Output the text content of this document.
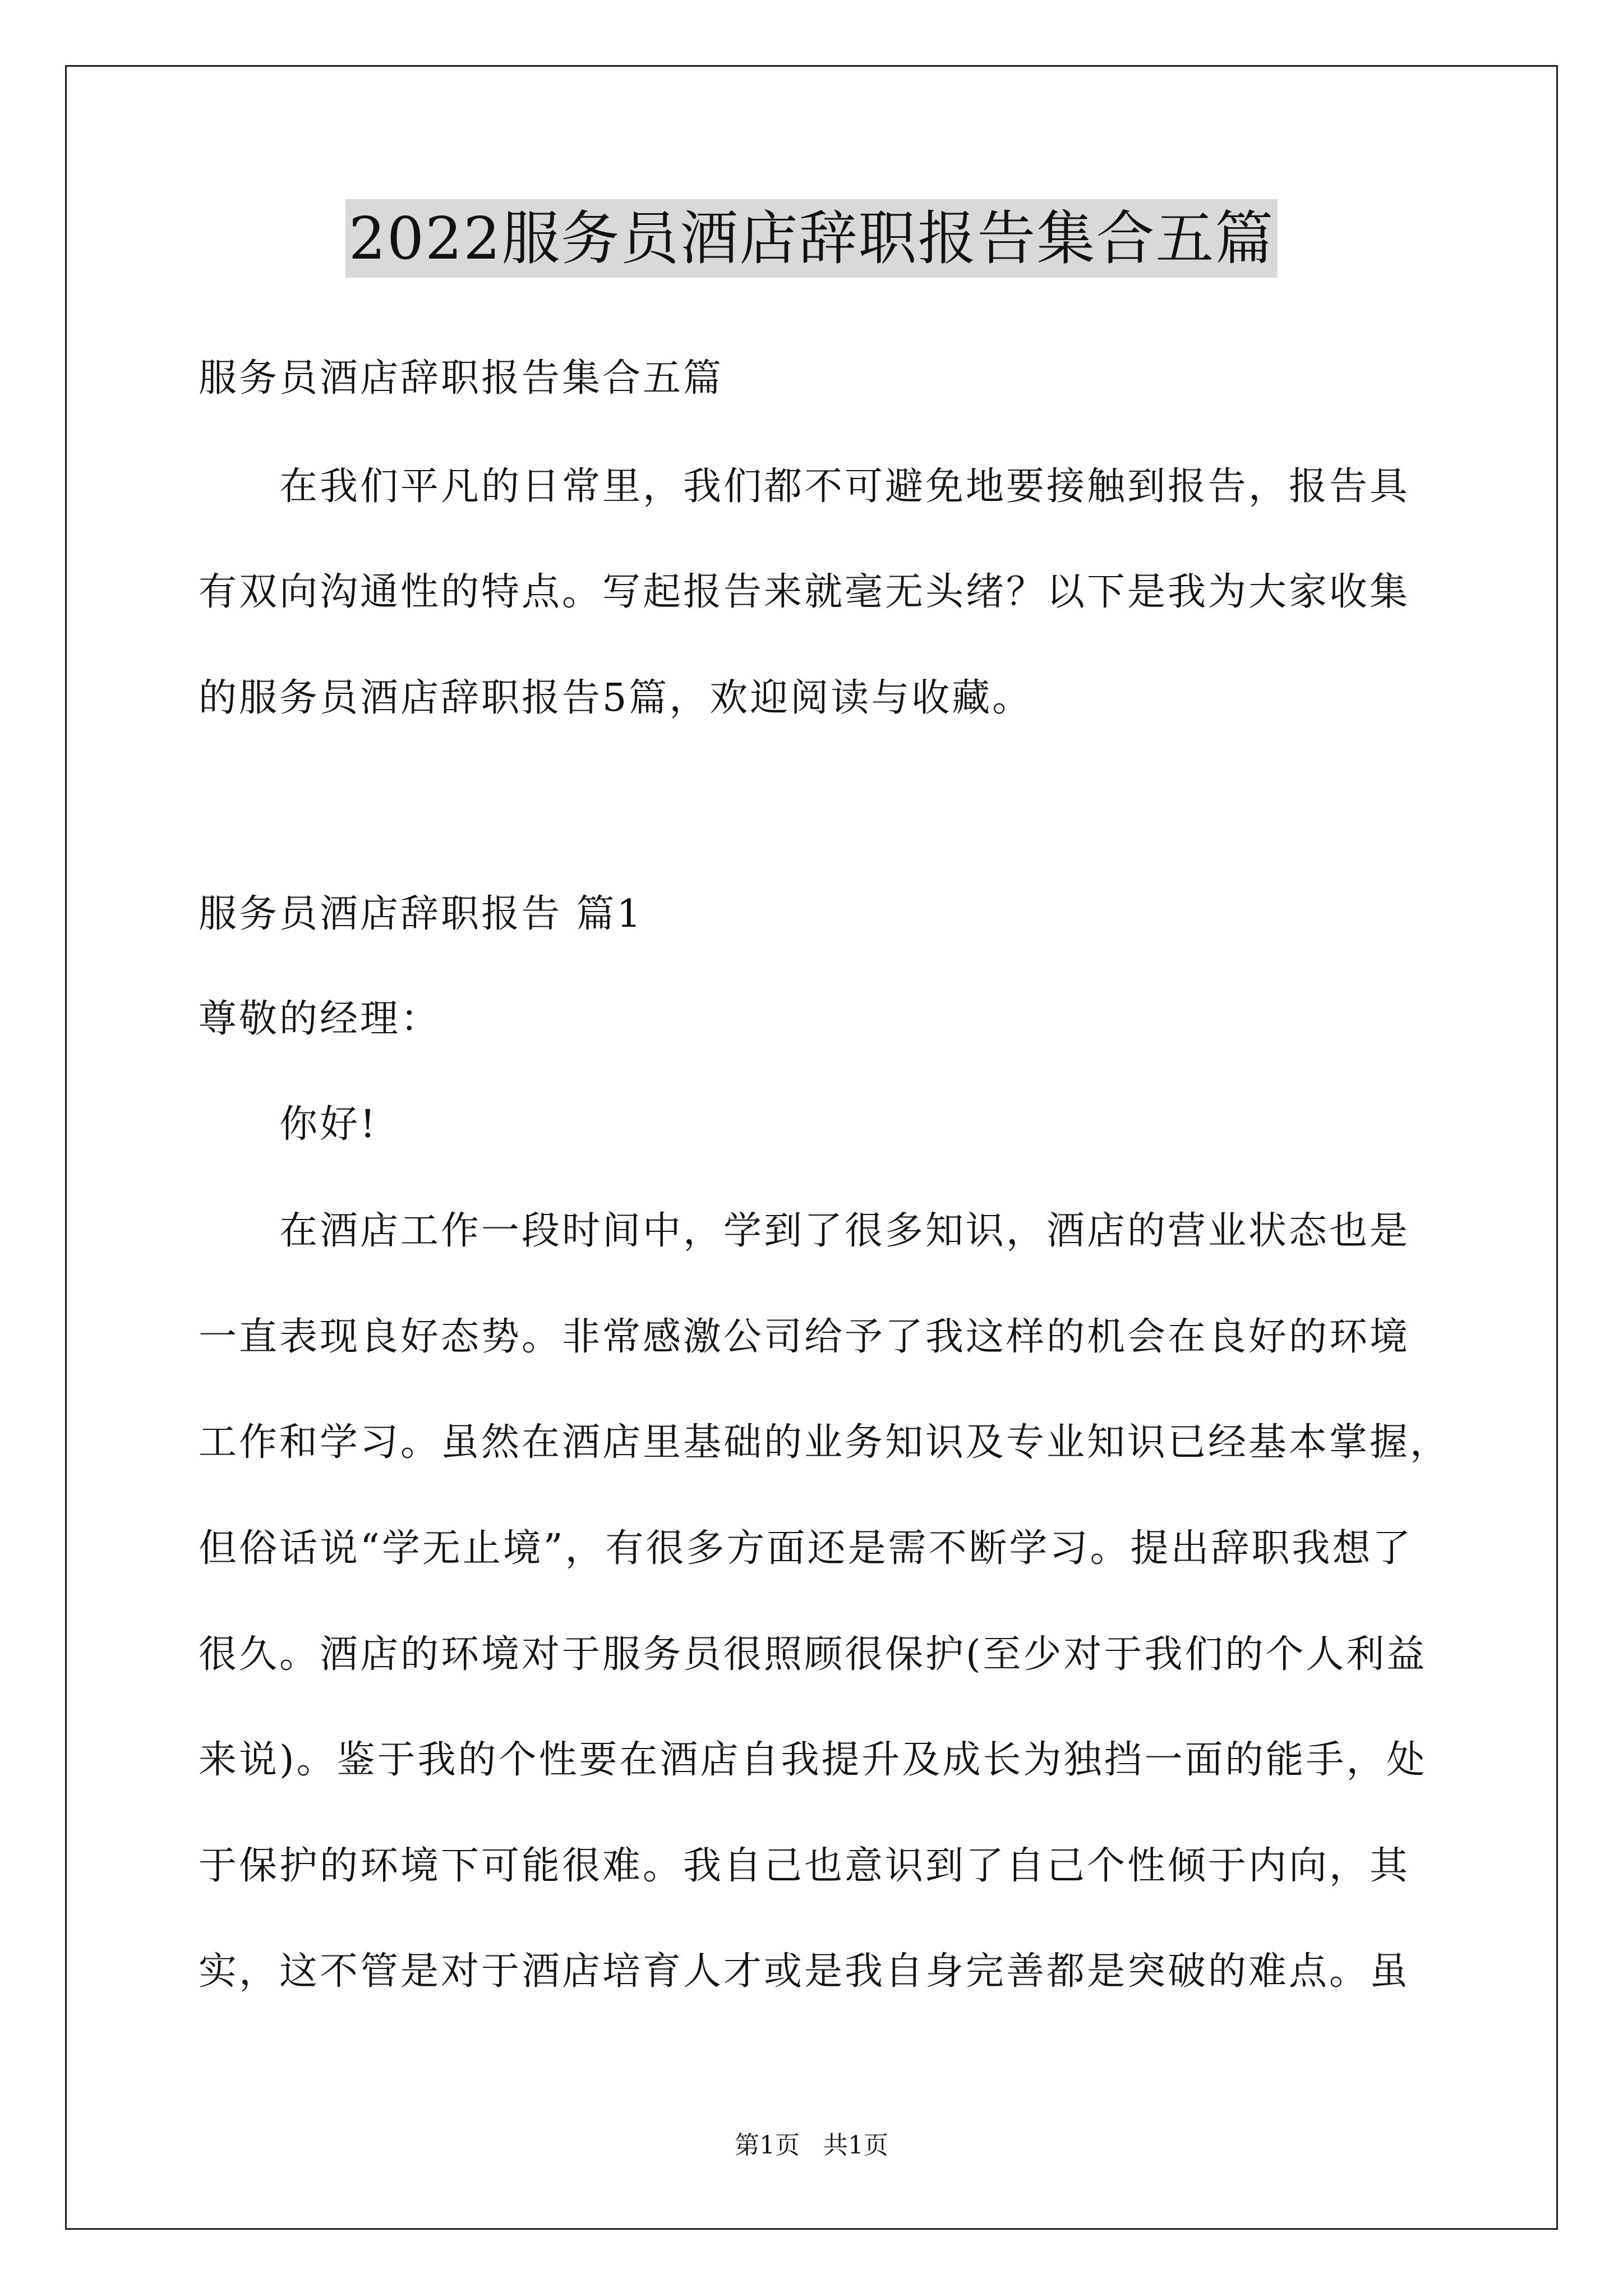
2022服务员酒店辞职报告集合五篇
服务员酒店辞职报告集合五篇
在我们平凡的日常里，我们都不可避免地要接触到报告，报告具
有双向沟通性的特点。写起报告来就毫无头绪？以下是我为大家收集
的服务员酒店辞职报告5篇，欢迎阅读与收藏。
服务员酒店辞职报告 篇1
尊敬的经理：
你好!
在酒店工作一段时间中，学到了很多知识，酒店的营业状态也是
一直表现良好态势。非常感激公司给予了我这样的机会在良好的环境
工作和学习。虽然在酒店里基础的业务知识及专业知识已经基本掌握，
但俗话说“学无止境”，有很多方面还是需不断学习。提出辞职我想了
很久。酒店的环境对于服务员很照顾很保护(至少对于我们的个人利益
来说)。鉴于我的个性要在酒店自我提升及成长为独挡一面的能手，处
于保护的环境下可能很难。我自己也意识到了自己个性倾于内向，其
实，这不管是对于酒店培育人才或是我自身完善都是突破的难点。虽
第1页   共1页
